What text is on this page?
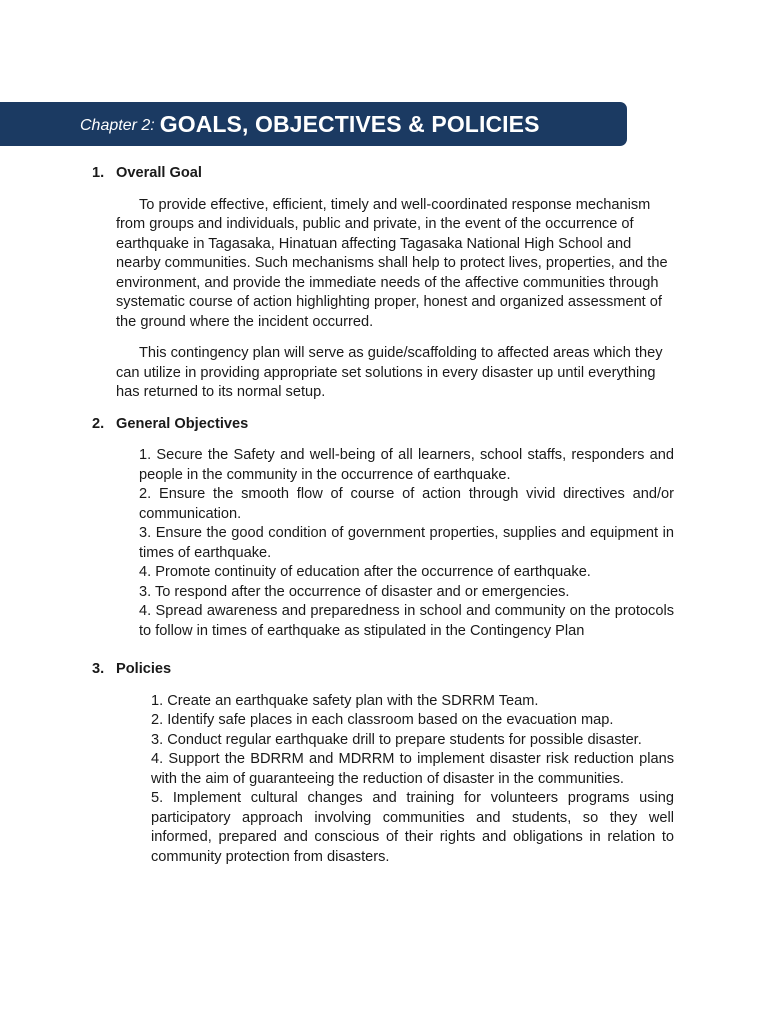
Chapter 2: GOALS, OBJECTIVES & POLICIES
1. Overall Goal
To provide effective, efficient, timely and well-coordinated response mechanism from groups and individuals, public and private, in the event of the occurrence of earthquake in Tagasaka, Hinatuan affecting Tagasaka National High School and nearby communities. Such mechanisms shall help to protect lives, properties, and the environment, and provide the immediate needs of the affective communities through systematic course of action highlighting proper, honest and organized assessment of the ground where the incident occurred.
This contingency plan will serve as guide/scaffolding to affected areas which they can utilize in providing appropriate set solutions in every disaster up until everything has returned to its normal setup.
2. General Objectives
1. Secure the Safety and well-being of all learners, school staffs, responders and people in the community in the occurrence of earthquake.
2. Ensure the smooth flow of course of action through vivid directives and/or communication.
3. Ensure the good condition of government properties, supplies and equipment in times of earthquake.
4. Promote continuity of education after the occurrence of earthquake.
3. To respond after the occurrence of disaster and or emergencies.
4. Spread awareness and preparedness in school and community on the protocols to follow in times of earthquake as stipulated in the Contingency Plan
3. Policies
1. Create an earthquake safety plan with the SDRRM Team.
2. Identify safe places in each classroom based on the evacuation map.
3. Conduct regular earthquake drill to prepare students for possible disaster.
4. Support the BDRRM and MDRRM to implement disaster risk reduction plans with the aim of guaranteeing the reduction of disaster in the communities.
5. Implement cultural changes and training for volunteers programs using participatory approach involving communities and students, so they well informed, prepared and conscious of their rights and obligations in relation to community protection from disasters.
